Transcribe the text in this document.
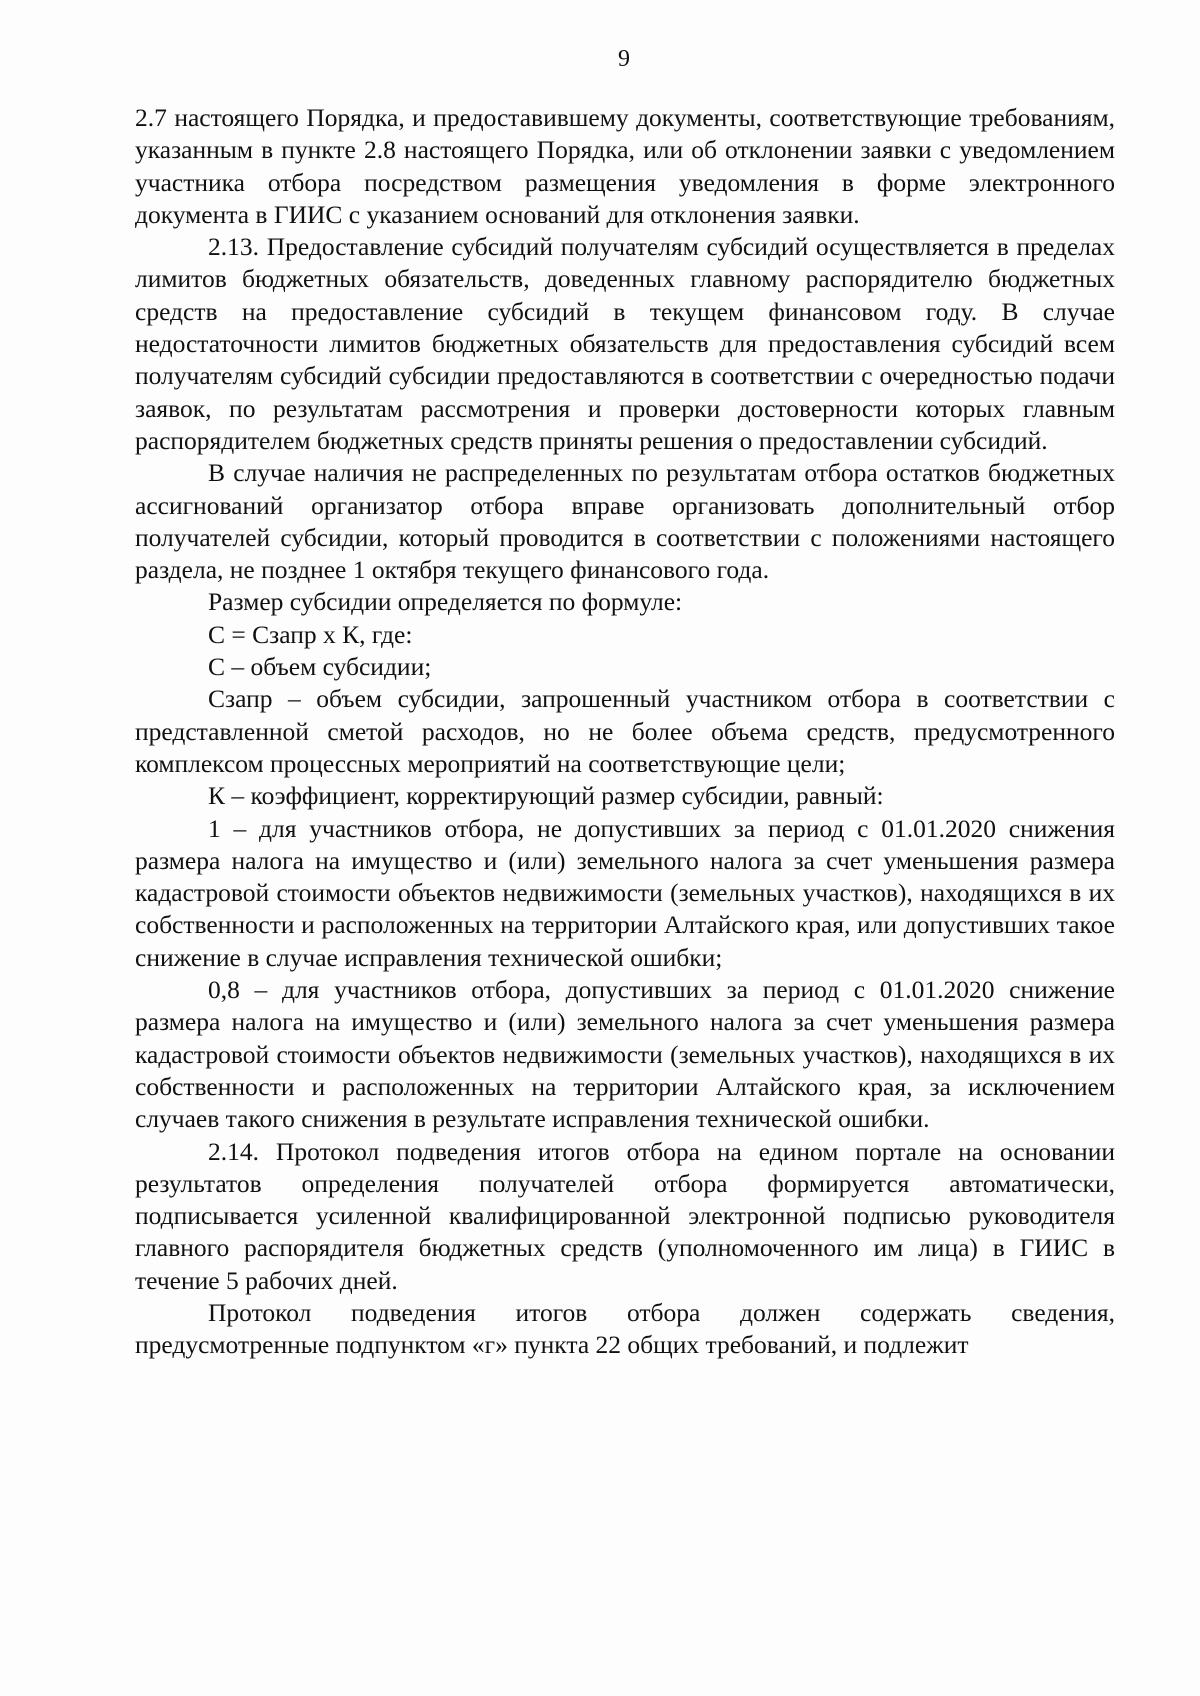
9

2.7 настоящего Порядка, и предоставившему документы, соответствующие требованиям, указанным в пункте 2.8 настоящего Порядка, или об отклонении заявки с уведомлением участника отбора посредством размещения уведомления в форме электронного документа в ГИИС с указанием оснований для отклонения заявки.

2.13. Предоставление субсидий получателям субсидий осуществляется в пределах лимитов бюджетных обязательств, доведенных главному распорядителю бюджетных средств на предоставление субсидий в текущем финансовом году. В случае недостаточности лимитов бюджетных обязательств для предоставления субсидий всем получателям субсидий субсидии предоставляются в соответствии с очередностью подачи заявок, по результатам рассмотрения и проверки достоверности которых главным распорядителем бюджетных средств приняты решения о предоставлении субсидий.

В случае наличия не распределенных по результатам отбора остатков бюджетных ассигнований организатор отбора вправе организовать дополнительный отбор получателей субсидии, который проводится в соответствии с положениями настоящего раздела, не позднее 1 октября текущего финансового года.

Размер субсидии определяется по формуле:

С = Сзапр х К, где:

С – объем субсидии;

Сзапр – объем субсидии, запрошенный участником отбора в соответствии с представленной сметой расходов, но не более объема средств, предусмотренного комплексом процессных мероприятий на соответствующие цели;

К – коэффициент, корректирующий размер субсидии, равный:

1 – для участников отбора, не допустивших за период с 01.01.2020 снижения размера налога на имущество и (или) земельного налога за счет уменьшения размера кадастровой стоимости объектов недвижимости (земельных участков), находящихся в их собственности и расположенных на территории Алтайского края, или допустивших такое снижение в случае исправления технической ошибки;

0,8 – для участников отбора, допустивших за период с 01.01.2020 снижение размера налога на имущество и (или) земельного налога за счет уменьшения размера кадастровой стоимости объектов недвижимости (земельных участков), находящихся в их собственности и расположенных на территории Алтайского края, за исключением случаев такого снижения в результате исправления технической ошибки.

2.14. Протокол подведения итогов отбора на едином портале на основании результатов определения получателей отбора формируется автоматически, подписывается усиленной квалифицированной электронной подписью руководителя главного распорядителя бюджетных средств (уполномоченного им лица) в ГИИС в течение 5 рабочих дней.

Протокол подведения итогов отбора должен содержать сведения, предусмотренные подпунктом «г» пункта 22 общих требований, и подлежит
